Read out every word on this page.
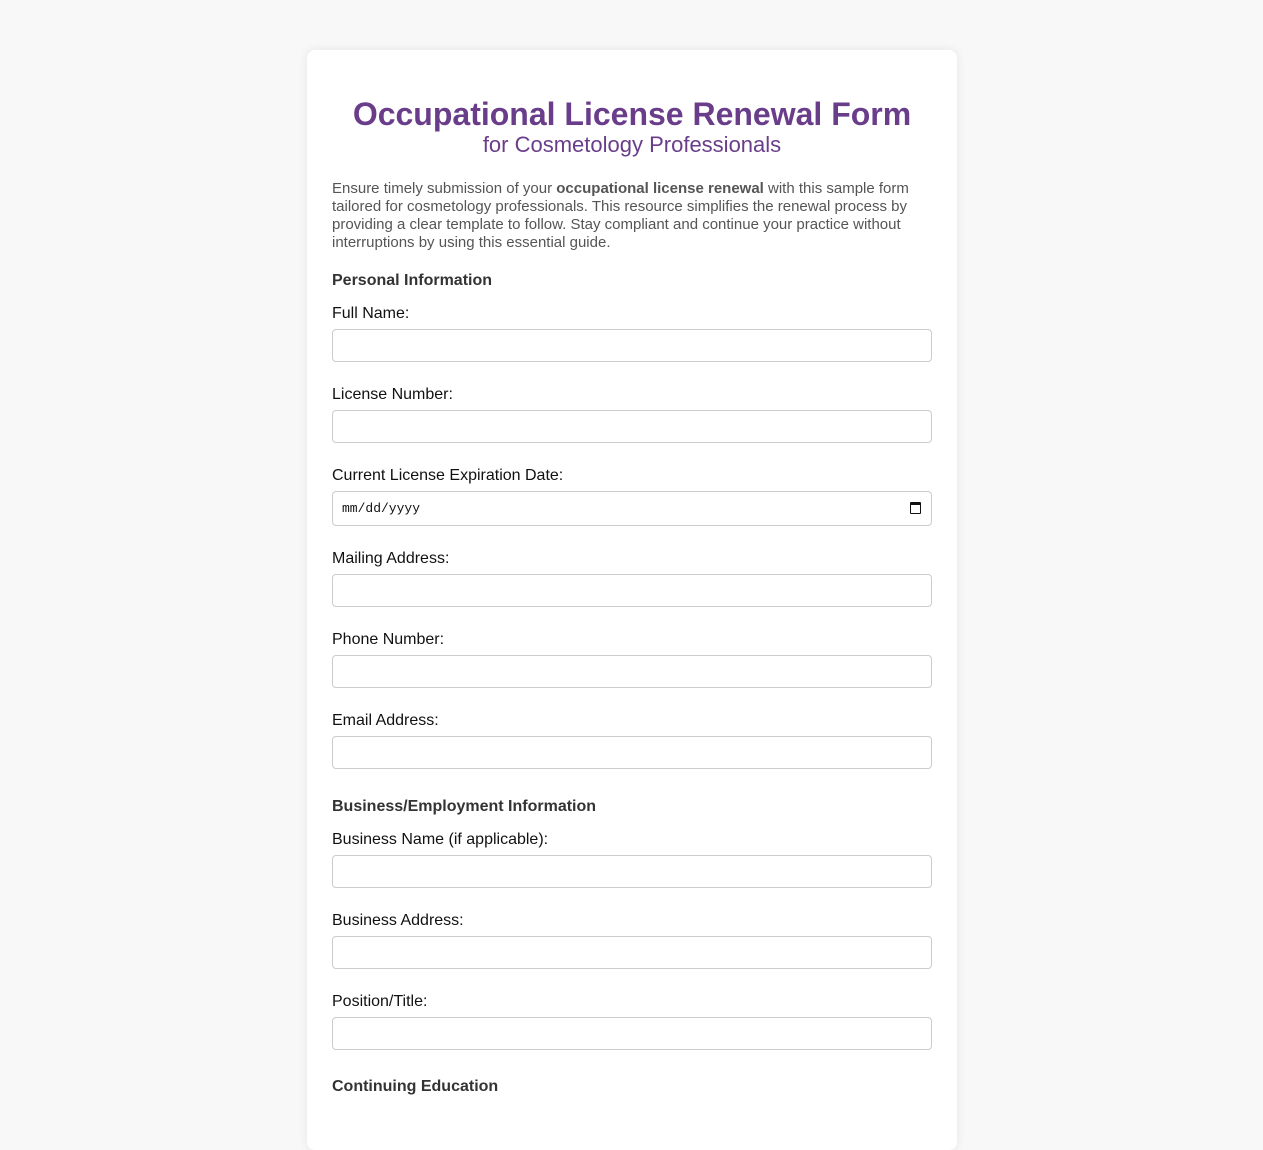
Occupational License Renewal Form
for Cosmetology Professionals

Ensure timely submission of your occupational license renewal with this sample form tailored for cosmetology professionals. This resource simplifies the renewal process by providing a clear template to follow. Stay compliant and continue your practice without interruptions by using this essential guide.

Personal Information
Full Name:
License Number:
Current License Expiration Date:
mm/dd/yyyy
Mailing Address:
Phone Number:
Email Address:
Business/Employment Information
Business Name (if applicable):
Business Address:
Position/Title:
Continuing Education
